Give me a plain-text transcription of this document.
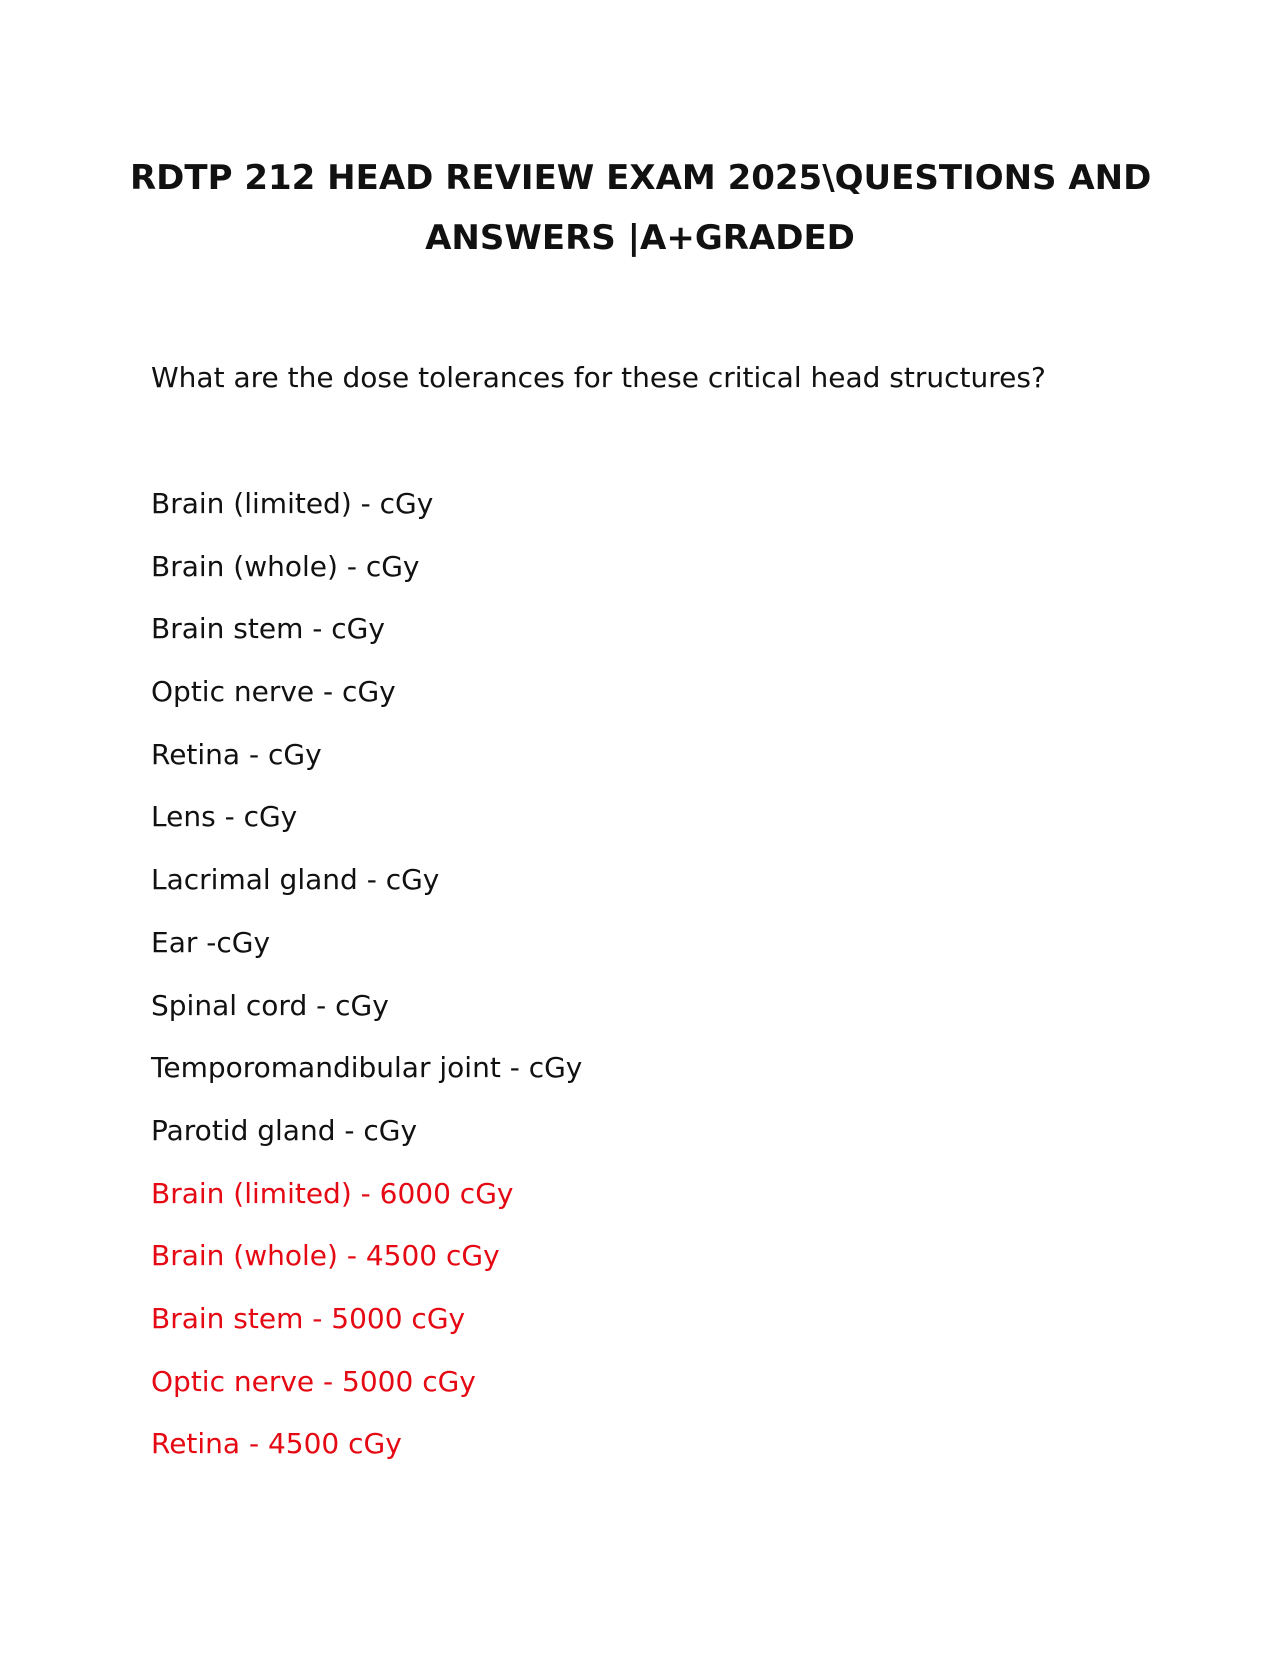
RDTP 212 HEAD REVIEW EXAM 2025\QUESTIONS AND
ANSWERS |A+GRADED

What are the dose tolerances for these critical head structures?

Brain (limited) - cGy
Brain (whole) - cGy
Brain stem - cGy
Optic nerve - cGy
Retina - cGy
Lens - cGy
Lacrimal gland - cGy
Ear -cGy
Spinal cord - cGy
Temporomandibular joint - cGy
Parotid gland - cGy
Brain (limited) - 6000 cGy
Brain (whole) - 4500 cGy
Brain stem - 5000 cGy
Optic nerve - 5000 cGy
Retina - 4500 cGy
